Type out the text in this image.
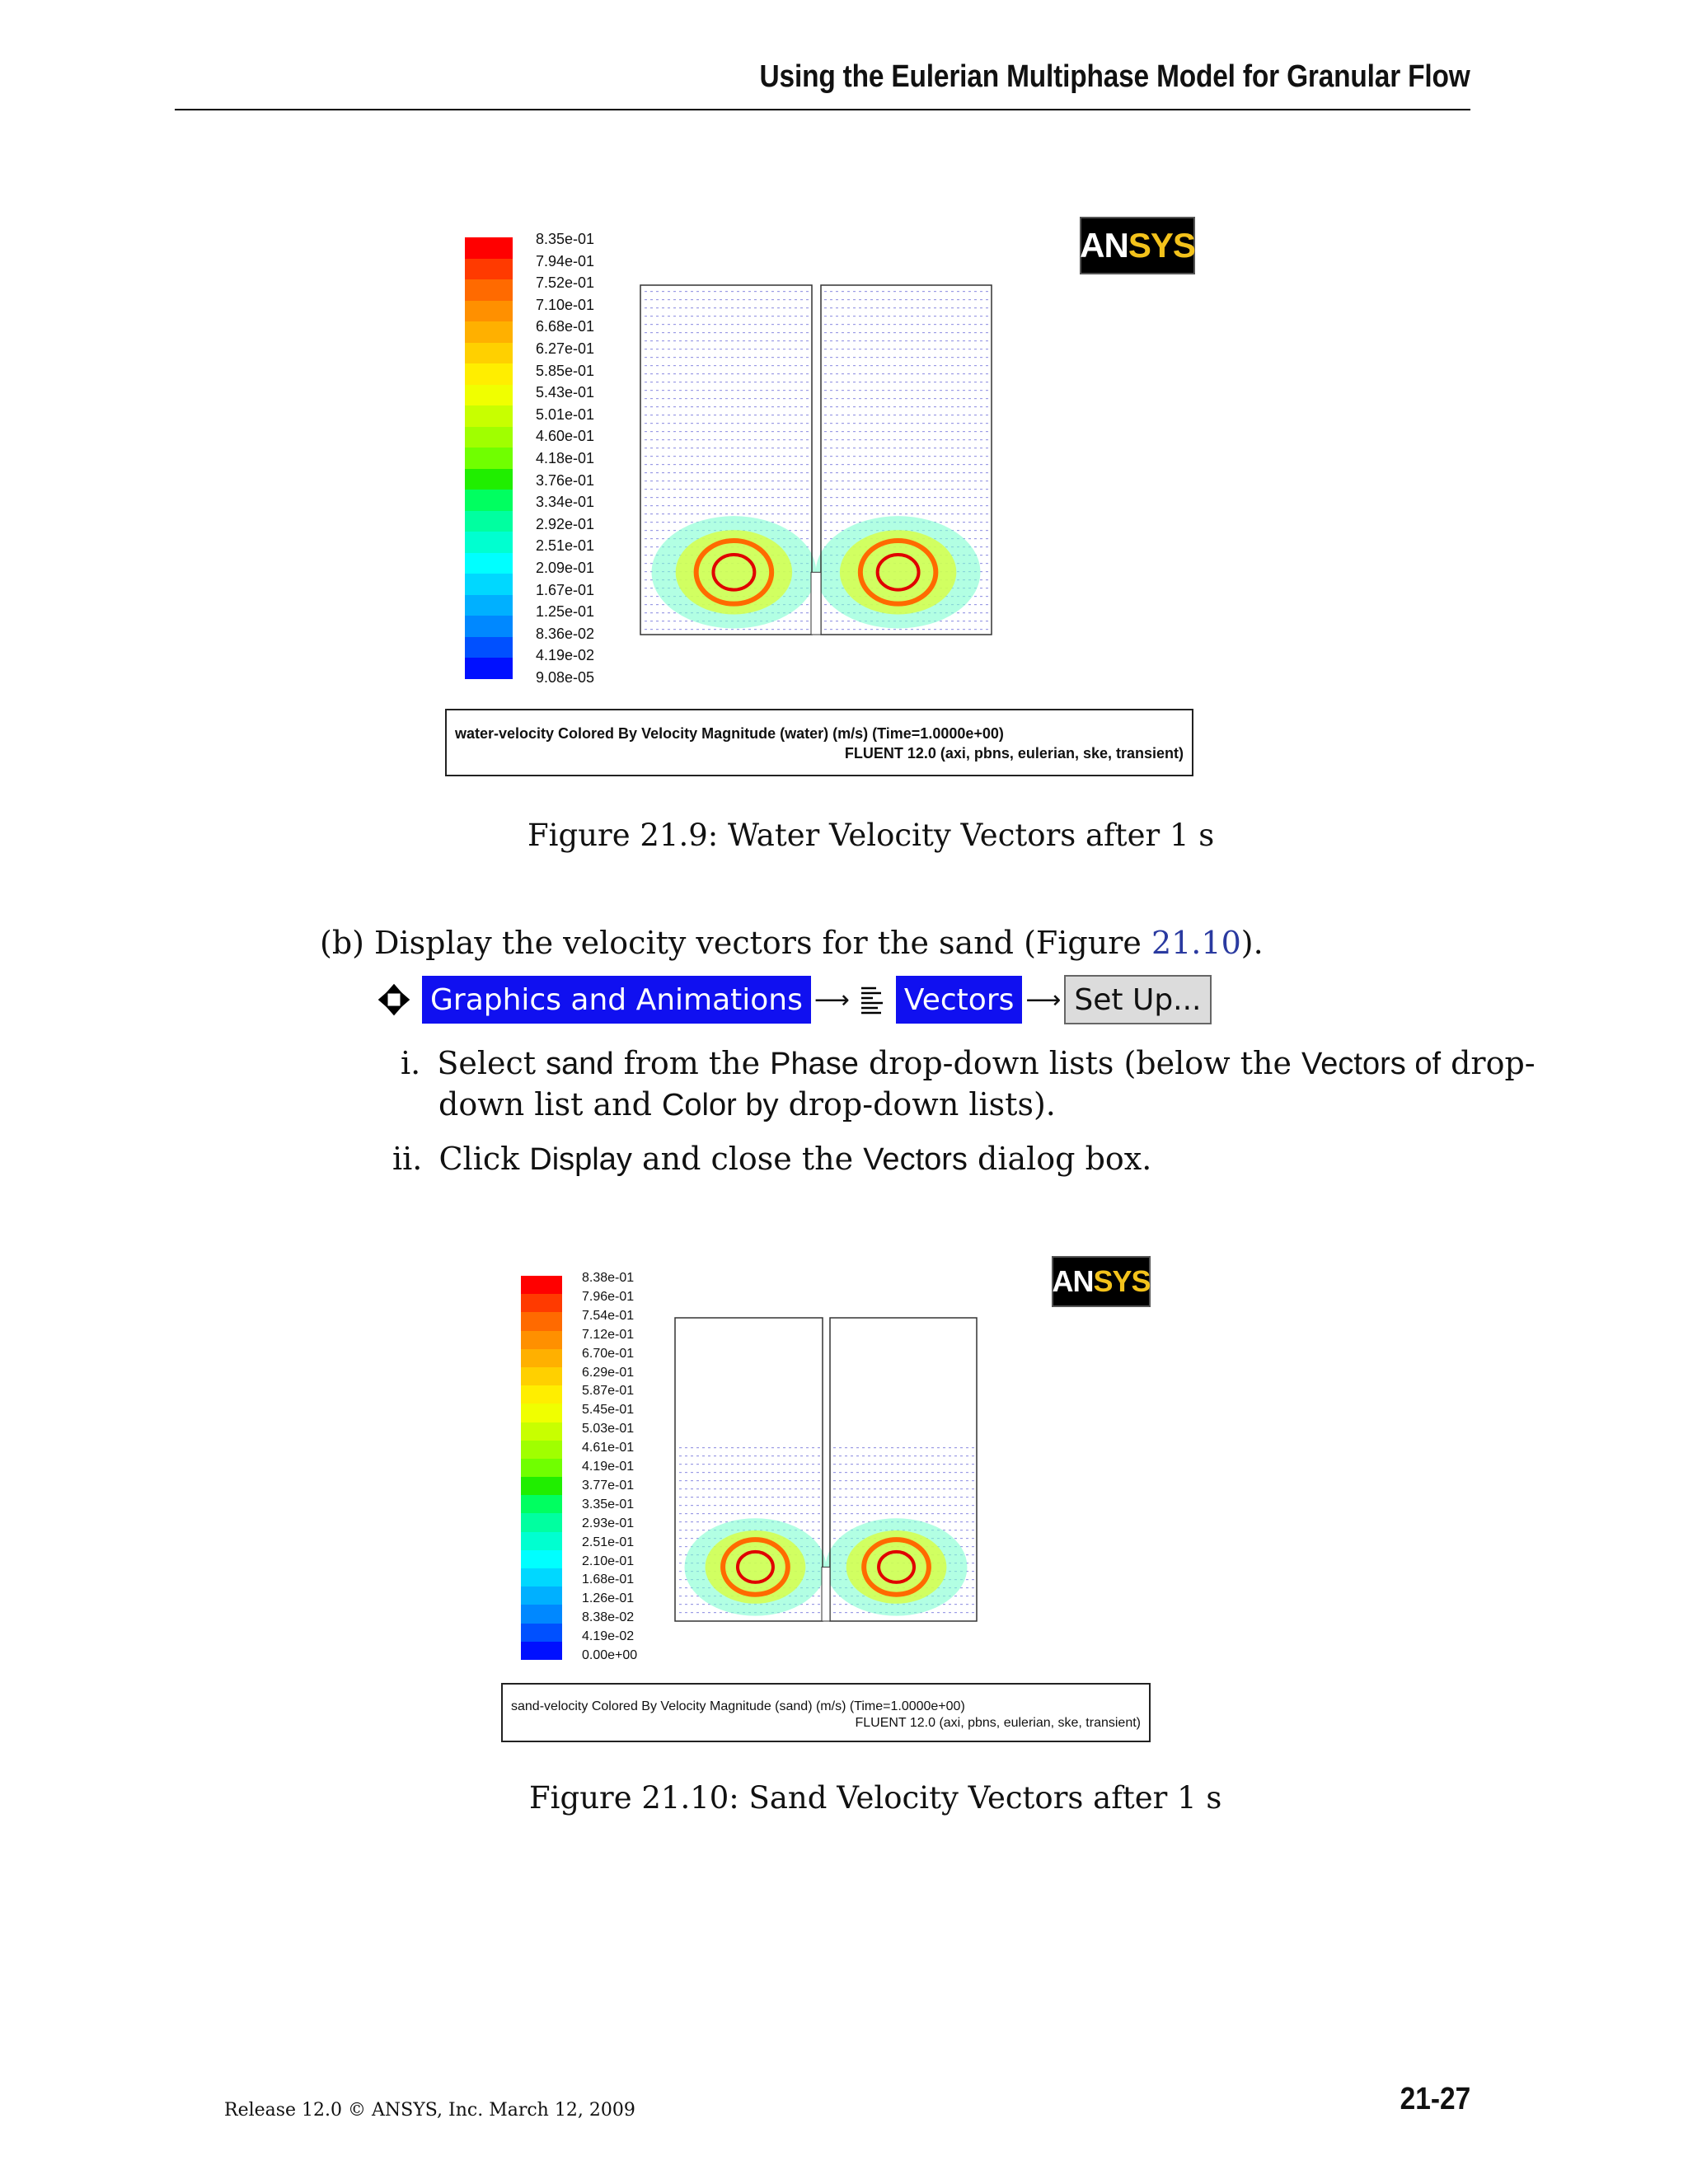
Using the Eulerian Multiphase Model for Granular Flow
8.35e-01
7.94e-01
7.52e-01
7.10e-01
6.68e-01
6.27e-01
5.85e-01
5.43e-01
5.01e-01
4.60e-01
4.18e-01
3.76e-01
3.34e-01
2.92e-01
2.51e-01
2.09e-01
1.67e-01
1.25e-01
8.36e-02
4.19e-02
9.08e-05
AN SYS
water-velocity Colored By Velocity Magnitude (water) (m/s) (Time=1.0000e+00)
FLUENT 12.0 (axi, pbns, eulerian, ske, transient)
Figure 21.9: Water Velocity Vectors after 1 s
(b) Display the velocity vectors for the sand (Figure 21.10).
Graphics and Animations ⟶ Vectors ⟶ Set Up...
i. Select sand from the Phase drop-down lists (below the Vectors of drop-
down list and Color by drop-down lists).
ii. Click Display and close the Vectors dialog box.
8.38e-01
7.96e-01
7.54e-01
7.12e-01
6.70e-01
6.29e-01
5.87e-01
5.45e-01
5.03e-01
4.61e-01
4.19e-01
3.77e-01
3.35e-01
2.93e-01
2.51e-01
2.10e-01
1.68e-01
1.26e-01
8.38e-02
4.19e-02
0.00e+00
AN SYS
sand-velocity Colored By Velocity Magnitude (sand) (m/s) (Time=1.0000e+00)
FLUENT 12.0 (axi, pbns, eulerian, ske, transient)
Figure 21.10: Sand Velocity Vectors after 1 s
Release 12.0 © ANSYS, Inc. March 12, 2009	21-27
